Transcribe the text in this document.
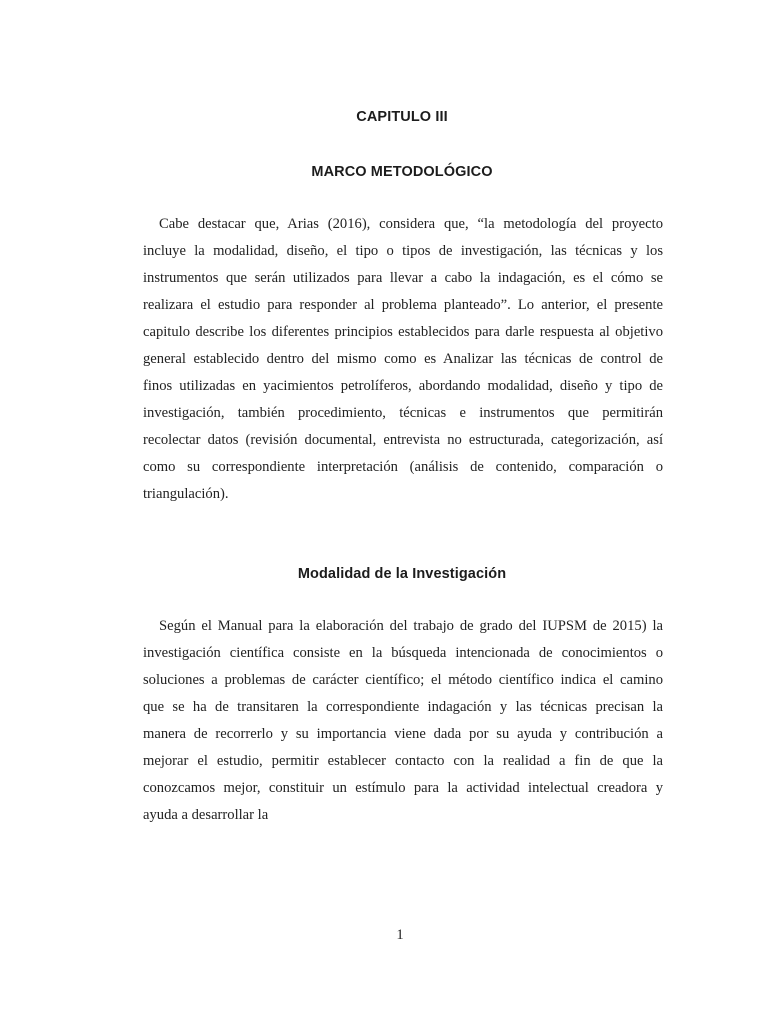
CAPITULO III
MARCO METODOLÓGICO
Cabe destacar que, Arias (2016), considera que, “la metodología del proyecto
incluye la modalidad, diseño, el tipo o tipos de investigación, las técnicas y los
instrumentos que serán utilizados para llevar a cabo la indagación, es el cómo se
realizara el estudio para responder al problema planteado”. Lo anterior, el presente
capitulo describe los diferentes principios establecidos para darle respuesta al objetivo
general establecido dentro del mismo como es Analizar las técnicas de control de
finos utilizadas en yacimientos petrolíferos, abordando modalidad, diseño y tipo de
investigación, también procedimiento, técnicas e instrumentos que permitirán
recolectar datos (revisión documental, entrevista no estructurada, categorización, así
como su correspondiente interpretación (análisis de contenido, comparación o
triangulación).
Modalidad de la Investigación
Según el Manual para la elaboración del trabajo de grado del IUPSM de 2015) la
investigación científica consiste en la búsqueda intencionada de conocimientos o
soluciones a problemas de carácter científico; el método científico indica el camino
que se ha de transitaren la correspondiente indagación y las técnicas precisan la
manera de recorrerlo y su importancia viene dada por su ayuda y contribución a
mejorar el estudio, permitir establecer contacto con la realidad a fin de que la
conozcamos mejor, constituir un estímulo para la actividad intelectual creadora y
ayuda a desarrollar la
1
